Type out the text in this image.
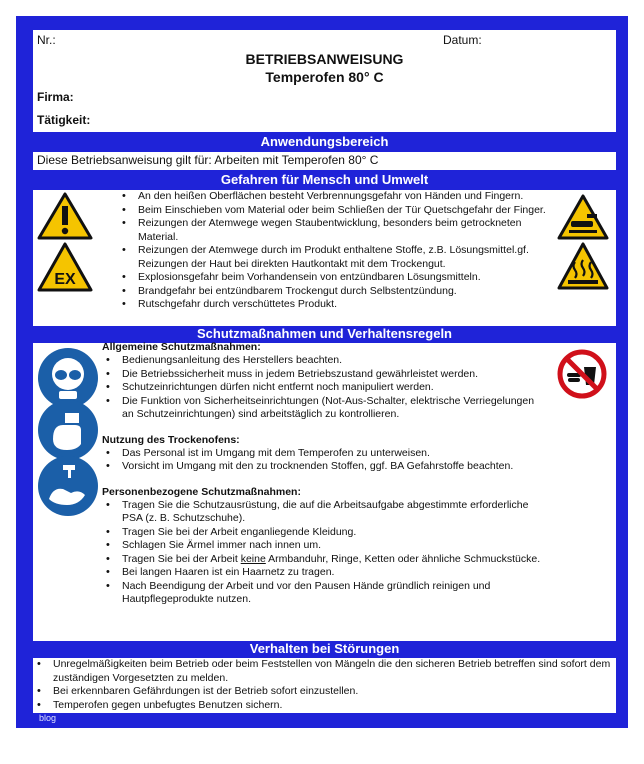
Nr.:	Datum:
BETRIEBSANWEISUNG
Temperofen 80° C
Firma:
Tätigkeit:
Anwendungsbereich
Diese Betriebsanweisung gilt für: Arbeiten mit Temperofen 80° C
Gefahren für Mensch und Umwelt
EX
• An den heißen Oberflächen besteht Verbrennungsgefahr von Händen und Fingern.
• Beim Einschieben vom Material oder beim Schließen der Tür Quetschgefahr der Finger.
• Reizungen der Atemwege wegen Staubentwicklung, besonders beim getrockneten Material.
• Reizungen der Atemwege durch im Produkt enthaltene Stoffe, z.B. Lösungsmittel.gf. Reizungen der Haut bei direkten Hautkontakt mit dem Trockengut.
• Explosionsgefahr beim Vorhandensein von entzündbaren Lösungsmitteln.
• Brandgefahr bei entzündbarem Trockengut durch Selbstentzündung.
• Rutschgefahr durch verschüttetes Produkt.
Schutzmaßnahmen und Verhaltensregeln
Allgemeine Schutzmaßnahmen:
• Bedienungsanleitung des Herstellers beachten.
• Die Betriebssicherheit muss in jedem Betriebszustand gewährleistet werden.
• Schutzeinrichtungen dürfen nicht entfernt noch manipuliert werden.
• Die Funktion von Sicherheitseinrichtungen (Not-Aus-Schalter, elektrische Verriegelungen an Schutzeinrichtungen) sind arbeitstäglich zu kontrollieren.
Nutzung des Trockenofens:
• Das Personal ist im Umgang mit dem Temperofen zu unterweisen.
• Vorsicht im Umgang mit den zu trocknenden Stoffen, ggf. BA Gefahrstoffe beachten.
Personenbezogene Schutzmaßnahmen:
• Tragen Sie die Schutzausrüstung, die auf die Arbeitsaufgabe abgestimmte erforderliche PSA (z. B. Schutzschuhe).
• Tragen Sie bei der Arbeit enganliegende Kleidung.
• Schlagen Sie Ärmel immer nach innen um.
• Tragen Sie bei der Arbeit keine Armbanduhr, Ringe, Ketten oder ähnliche Schmuckstücke.
• Bei langen Haaren ist ein Haarnetz zu tragen.
• Nach Beendigung der Arbeit und vor den Pausen Hände gründlich reinigen und Hautpflegeprodukte nutzen.
Verhalten bei Störungen
• Unregelmäßigkeiten beim Betrieb oder beim Feststellen von Mängeln die den sicheren Betrieb betreffen sind sofort dem zuständigen Vorgesetzten zu melden.
• Bei erkennbaren Gefährdungen ist der Betrieb sofort einzustellen.
• Temperofen gegen unbefugtes Benutzen sichern.
blog
